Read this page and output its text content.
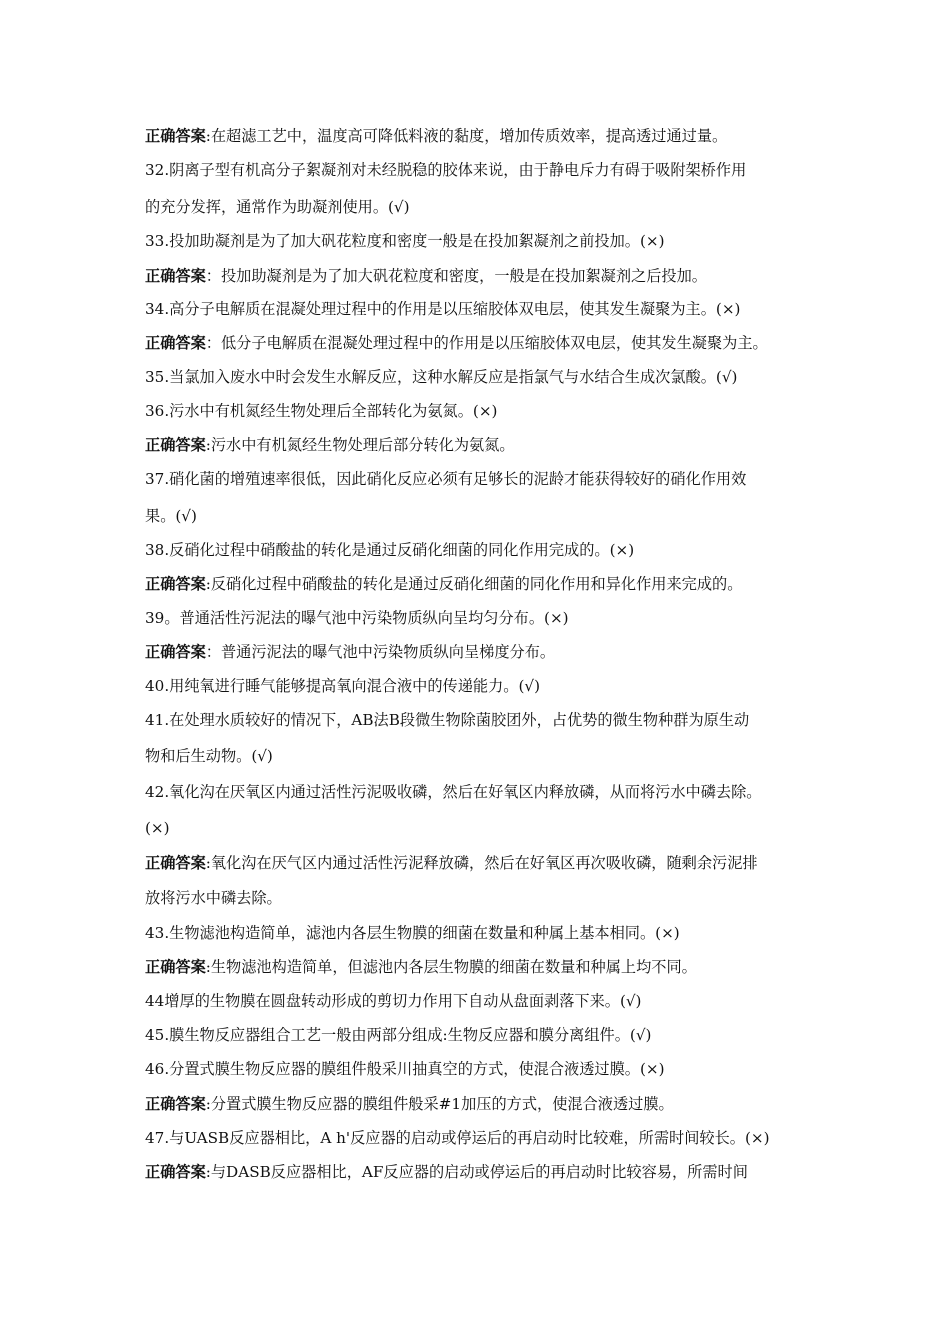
正确答案:在超滤工艺中，温度高可降低料液的黏度，增加传质效率，提高透过通过量。
32.阴离子型有机高分子絮凝剂对未经脱稳的胶体来说，由于静电斥力有碍于吸附架桥作用
的充分发挥，通常作为助凝剂使用。(√)
33.投加助凝剂是为了加大矾花粒度和密度一般是在投加絮凝剂之前投加。(×)
正确答案：投加助凝剂是为了加大矾花粒度和密度，一般是在投加絮凝剂之后投加。
34.高分子电解质在混凝处理过程中的作用是以压缩胶体双电层，使其发生凝聚为主。(×)
正确答案：低分子电解质在混凝处理过程中的作用是以压缩胶体双电层，使其发生凝聚为主。
35.当氯加入废水中时会发生水解反应，这种水解反应是指氯气与水结合生成次氯酸。(√)
36.污水中有机氮经生物处理后全部转化为氨氮。(×)
正确答案:污水中有机氮经生物处理后部分转化为氨氮。
37.硝化菌的增殖速率很低，因此硝化反应必须有足够长的泥龄才能获得较好的硝化作用效
果。(√)
38.反硝化过程中硝酸盐的转化是通过反硝化细菌的同化作用完成的。(×)
正确答案:反硝化过程中硝酸盐的转化是通过反硝化细菌的同化作用和异化作用来完成的。
39。普通活性污泥法的曝气池中污染物质纵向呈均匀分布。(×)
正确答案：普通污泥法的曝气池中污染物质纵向呈梯度分布。
40.用纯氧进行睡气能够提高氧向混合液中的传递能力。(√)
41.在处理水质较好的情况下，AB法B段微生物除菌胶团外，占优势的微生物种群为原生动
物和后生动物。(√)
42.氧化沟在厌氧区内通过活性污泥吸收磷，然后在好氧区内释放磷，从而将污水中磷去除。
(×)
正确答案:氧化沟在厌气区内通过活性污泥释放磷，然后在好氧区再次吸收磷，随剩余污泥排
放将污水中磷去除。
43.生物滤池构造简单，滤池内各层生物膜的细菌在数量和种属上基本相同。(×)
正确答案:生物滤池构造简单，但滤池内各层生物膜的细菌在数量和种属上均不同。
44增厚的生物膜在圆盘转动形成的剪切力作用下自动从盘面剥落下来。(√)
45.膜生物反应器组合工艺一般由两部分组成:生物反应器和膜分离组件。(√)
46.分置式膜生物反应器的膜组件般采川抽真空的方式，使混合液透过膜。(×)
正确答案:分置式膜生物反应器的膜组件般采#1加压的方式，使混合液透过膜。
47.与UASB反应器相比，A h'反应器的启动或停运后的再启动时比较难，所需时间较长。(×)
正确答案:与DASB反应器相比，AF反应器的启动或停运后的再启动时比较容易，所需时间
